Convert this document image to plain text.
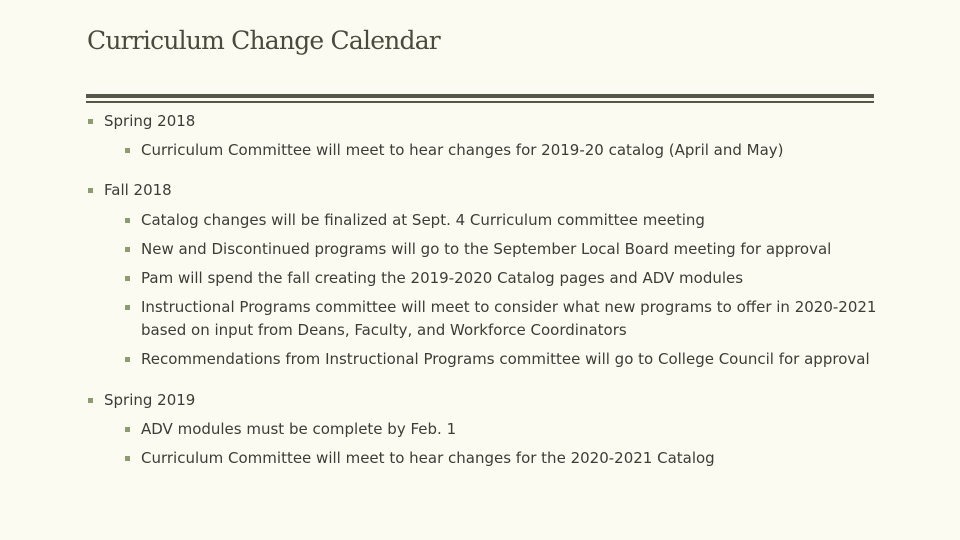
Curriculum Change Calendar
Spring 2018
Curriculum Committee will meet to hear changes for 2019-20 catalog (April and May)
Fall 2018
Catalog changes will be finalized at Sept. 4 Curriculum committee meeting
New and Discontinued programs will go to the September Local Board meeting for approval
Pam will spend the fall creating the 2019-2020 Catalog pages and ADV modules
Instructional Programs committee will meet to consider what new programs to offer in 2020-2021 based on input from Deans, Faculty, and Workforce Coordinators
Recommendations from Instructional Programs committee will go to College Council for approval
Spring 2019
ADV modules must be complete by Feb. 1
Curriculum Committee will meet to hear changes for the 2020-2021 Catalog
